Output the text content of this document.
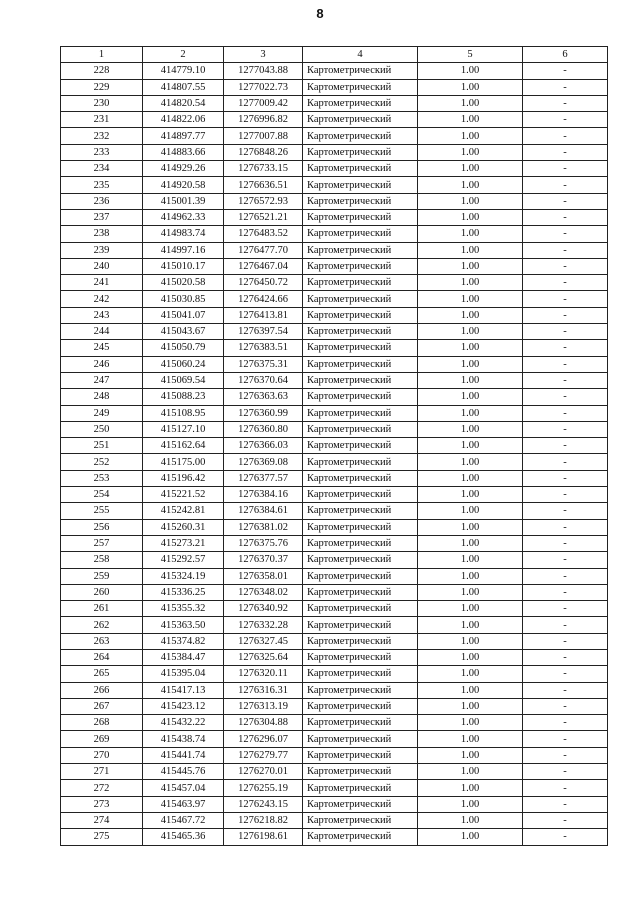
8
1	2	3	4	5	6
228	414779.10	1277043.88	Картометрический	1.00	-
229	414807.55	1277022.73	Картометрический	1.00	-
230	414820.54	1277009.42	Картометрический	1.00	-
231	414822.06	1276996.82	Картометрический	1.00	-
232	414897.77	1277007.88	Картометрический	1.00	-
233	414883.66	1276848.26	Картометрический	1.00	-
234	414929.26	1276733.15	Картометрический	1.00	-
235	414920.58	1276636.51	Картометрический	1.00	-
236	415001.39	1276572.93	Картометрический	1.00	-
237	414962.33	1276521.21	Картометрический	1.00	-
238	414983.74	1276483.52	Картометрический	1.00	-
239	414997.16	1276477.70	Картометрический	1.00	-
240	415010.17	1276467.04	Картометрический	1.00	-
241	415020.58	1276450.72	Картометрический	1.00	-
242	415030.85	1276424.66	Картометрический	1.00	-
243	415041.07	1276413.81	Картометрический	1.00	-
244	415043.67	1276397.54	Картометрический	1.00	-
245	415050.79	1276383.51	Картометрический	1.00	-
246	415060.24	1276375.31	Картометрический	1.00	-
247	415069.54	1276370.64	Картометрический	1.00	-
248	415088.23	1276363.63	Картометрический	1.00	-
249	415108.95	1276360.99	Картометрический	1.00	-
250	415127.10	1276360.80	Картометрический	1.00	-
251	415162.64	1276366.03	Картометрический	1.00	-
252	415175.00	1276369.08	Картометрический	1.00	-
253	415196.42	1276377.57	Картометрический	1.00	-
254	415221.52	1276384.16	Картометрический	1.00	-
255	415242.81	1276384.61	Картометрический	1.00	-
256	415260.31	1276381.02	Картометрический	1.00	-
257	415273.21	1276375.76	Картометрический	1.00	-
258	415292.57	1276370.37	Картометрический	1.00	-
259	415324.19	1276358.01	Картометрический	1.00	-
260	415336.25	1276348.02	Картометрический	1.00	-
261	415355.32	1276340.92	Картометрический	1.00	-
262	415363.50	1276332.28	Картометрический	1.00	-
263	415374.82	1276327.45	Картометрический	1.00	-
264	415384.47	1276325.64	Картометрический	1.00	-
265	415395.04	1276320.11	Картометрический	1.00	-
266	415417.13	1276316.31	Картометрический	1.00	-
267	415423.12	1276313.19	Картометрический	1.00	-
268	415432.22	1276304.88	Картометрический	1.00	-
269	415438.74	1276296.07	Картометрический	1.00	-
270	415441.74	1276279.77	Картометрический	1.00	-
271	415445.76	1276270.01	Картометрический	1.00	-
272	415457.04	1276255.19	Картометрический	1.00	-
273	415463.97	1276243.15	Картометрический	1.00	-
274	415467.72	1276218.82	Картометрический	1.00	-
275	415465.36	1276198.61	Картометрический	1.00	-
